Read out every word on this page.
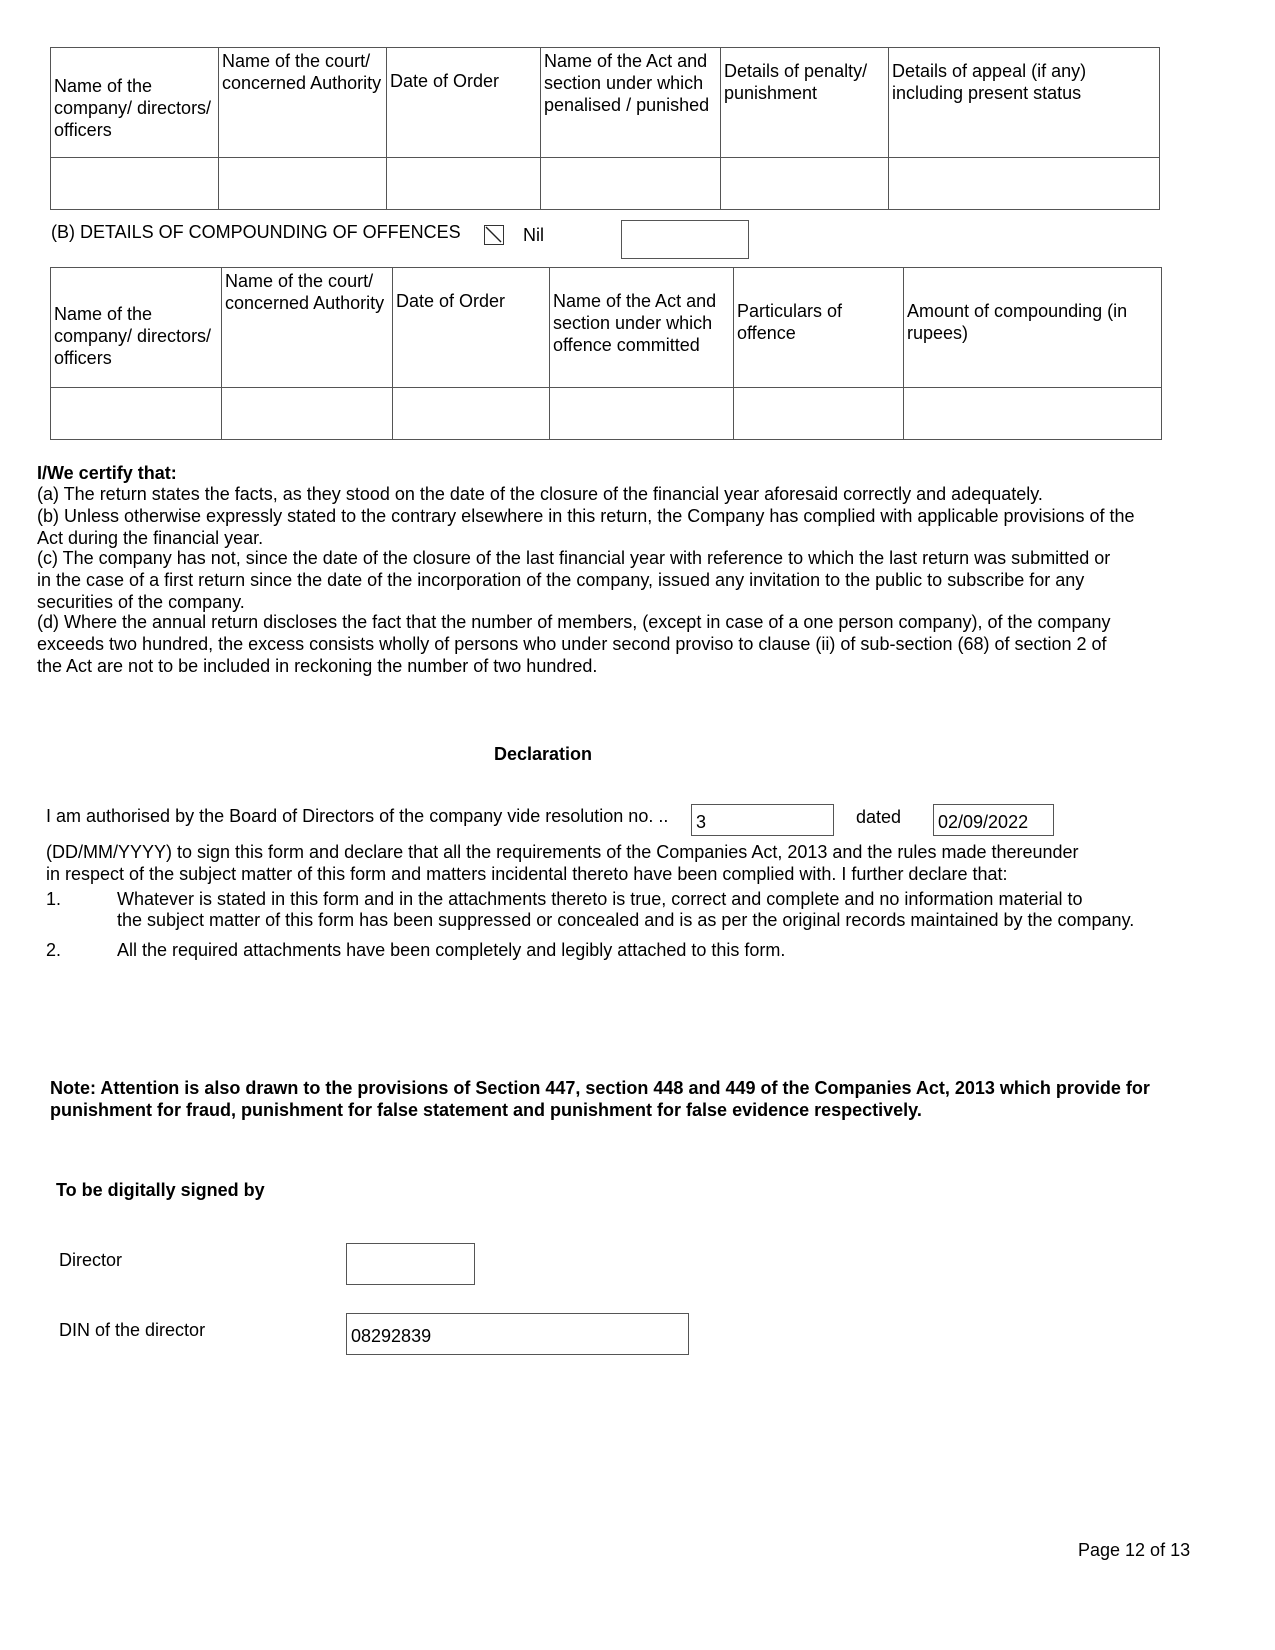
Name of the company/ directors/ officers	Name of the court/ concerned Authority	Date of Order	Name of the Act and section under which penalised / punished	Details of penalty/ punishment	Details of appeal (if any) including present status

(B) DETAILS OF COMPOUNDING OF OFFENCES	Nil
Name of the company/ directors/ officers	Name of the court/ concerned Authority	Date of Order	Name of the Act and section under which offence committed	Particulars of offence	Amount of compounding (in rupees)

I/We certify that:
(a) The return states the facts, as they stood on the date of the closure of the financial year aforesaid correctly and adequately.
(b) Unless otherwise expressly stated to the contrary elsewhere in this return, the Company has complied with applicable provisions of the Act during the financial year.
(c) The company has not, since the date of the closure of the last financial year with reference to which the last return was submitted or in the case of a first return since the date of the incorporation of the company, issued any invitation to the public to subscribe for any securities of the company.
(d) Where the annual return discloses the fact that the number of members, (except in case of a one person company), of the company exceeds two hundred, the excess consists wholly of persons who under second proviso to clause (ii) of sub-section (68) of section 2 of the Act are not to be included in reckoning the number of two hundred.
Declaration
I am authorised by the Board of Directors of the company vide resolution no. .. 3	dated 02/09/2022
(DD/MM/YYYY) to sign this form and declare that all the requirements of the Companies Act, 2013 and the rules made thereunder in respect of the subject matter of this form and matters incidental thereto have been complied with. I further declare that:
1.	Whatever is stated in this form and in the attachments thereto is true, correct and complete and no information material to
the subject matter of this form has been suppressed or concealed and is as per the original records maintained by the company.
2.	All the required attachments have been completely and legibly attached to this form.
Note: Attention is also drawn to the provisions of Section 447, section 448 and 449 of the Companies Act, 2013 which provide for punishment for fraud, punishment for false statement and punishment for false evidence respectively.
To be digitally signed by
Director
DIN of the director	08292839
Page 12 of 13
